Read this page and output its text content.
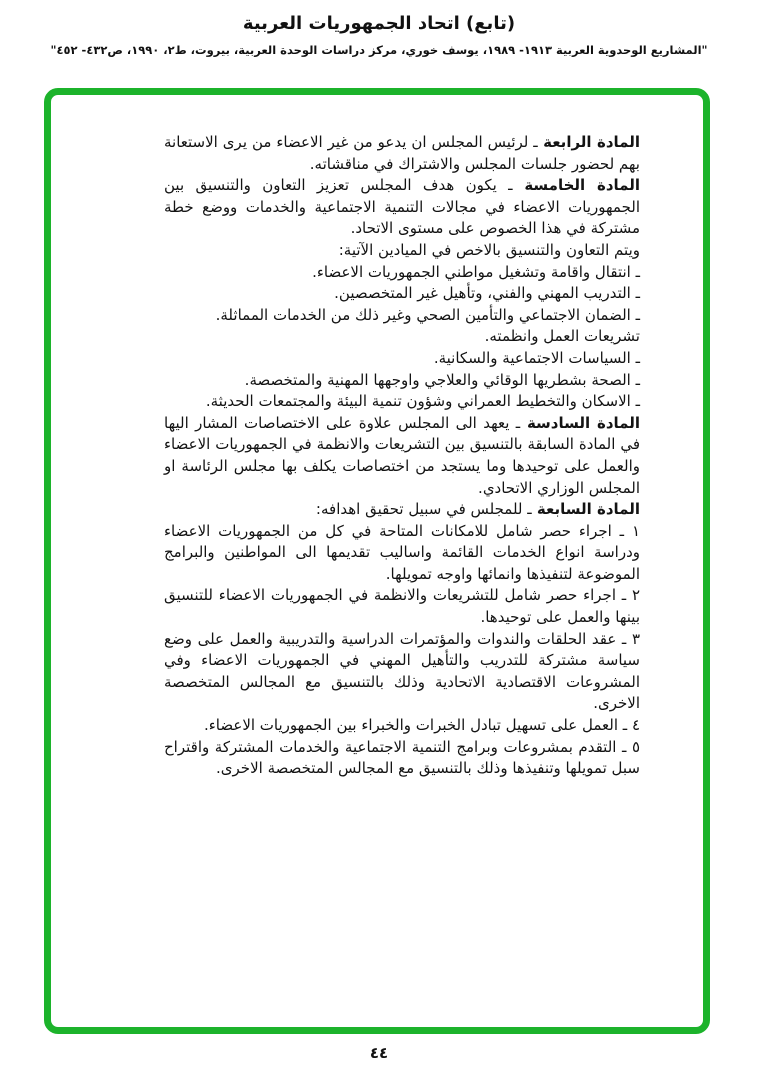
(تابع) اتحاد الجمهوريات العربية
"المشاريع الوحدوية العربية ١٩١٣- ١٩٨٩، يوسف خوري، مركز دراسات الوحدة العربية، بيروت، ط٢، ١٩٩٠، ص٤٣٢- ٤٥٢"

المادة الرابعة ـ لرئيس المجلس ان يدعو من غير الاعضاء من يرى الاستعانة بهم لحضور جلسات المجلس والاشتراك في مناقشاته.

المادة الخامسة ـ يكون هدف المجلس تعزيز التعاون والتنسيق بين الجمهوريات الاعضاء في مجالات التنمية الاجتماعية والخدمات ووضع خطة مشتركة في هذا الخصوص على مستوى الاتحاد.

ويتم التعاون والتنسيق بالاخص في الميادين الآتية:

ـ انتقال واقامة وتشغيل مواطني الجمهوريات الاعضاء.

ـ التدريب المهني والفني، وتأهيل غير المتخصصين.

ـ الضمان الاجتماعي والتأمين الصحي وغير ذلك من الخدمات المماثلة.

تشريعات العمل وانظمته.

ـ السياسات الاجتماعية والسكانية.

ـ الصحة بشطريها الوقائي والعلاجي واوجهها المهنية والمتخصصة.

ـ الاسكان والتخطيط العمراني وشؤون تنمية البيئة والمجتمعات الحديثة.

المادة السادسة ـ يعهد الى المجلس علاوة على الاختصاصات المشار اليها في المادة السابقة بالتنسيق بين التشريعات والانظمة في الجمهوريات الاعضاء والعمل على توحيدها وما يستجد من اختصاصات يكلف بها مجلس الرئاسة او المجلس الوزاري الاتحادي.

المادة السابعة ـ للمجلس في سبيل تحقيق اهدافه:

١ ـ اجراء حصر شامل للامكانات المتاحة في كل من الجمهوريات الاعضاء ودراسة انواع الخدمات القائمة واساليب تقديمها الى المواطنين والبرامج الموضوعة لتنفيذها وانمائها واوجه تمويلها.

٢ ـ اجراء حصر شامل للتشريعات والانظمة في الجمهوريات الاعضاء للتنسيق بينها والعمل على توحيدها.

٣ ـ عقد الحلقات والندوات والمؤتمرات الدراسية والتدريبية والعمل على وضع سياسة مشتركة للتدريب والتأهيل المهني في الجمهوريات الاعضاء وفي المشروعات الاقتصادية الاتحادية وذلك بالتنسيق مع المجالس المتخصصة الاخرى.

٤ ـ العمل على تسهيل تبادل الخبرات والخبراء بين الجمهوريات الاعضاء.

٥ ـ التقدم بمشروعات وبرامج التنمية الاجتماعية والخدمات المشتركة واقتراح سبل تمويلها وتنفيذها وذلك بالتنسيق مع المجالس المتخصصة الاخرى.

٤٤
